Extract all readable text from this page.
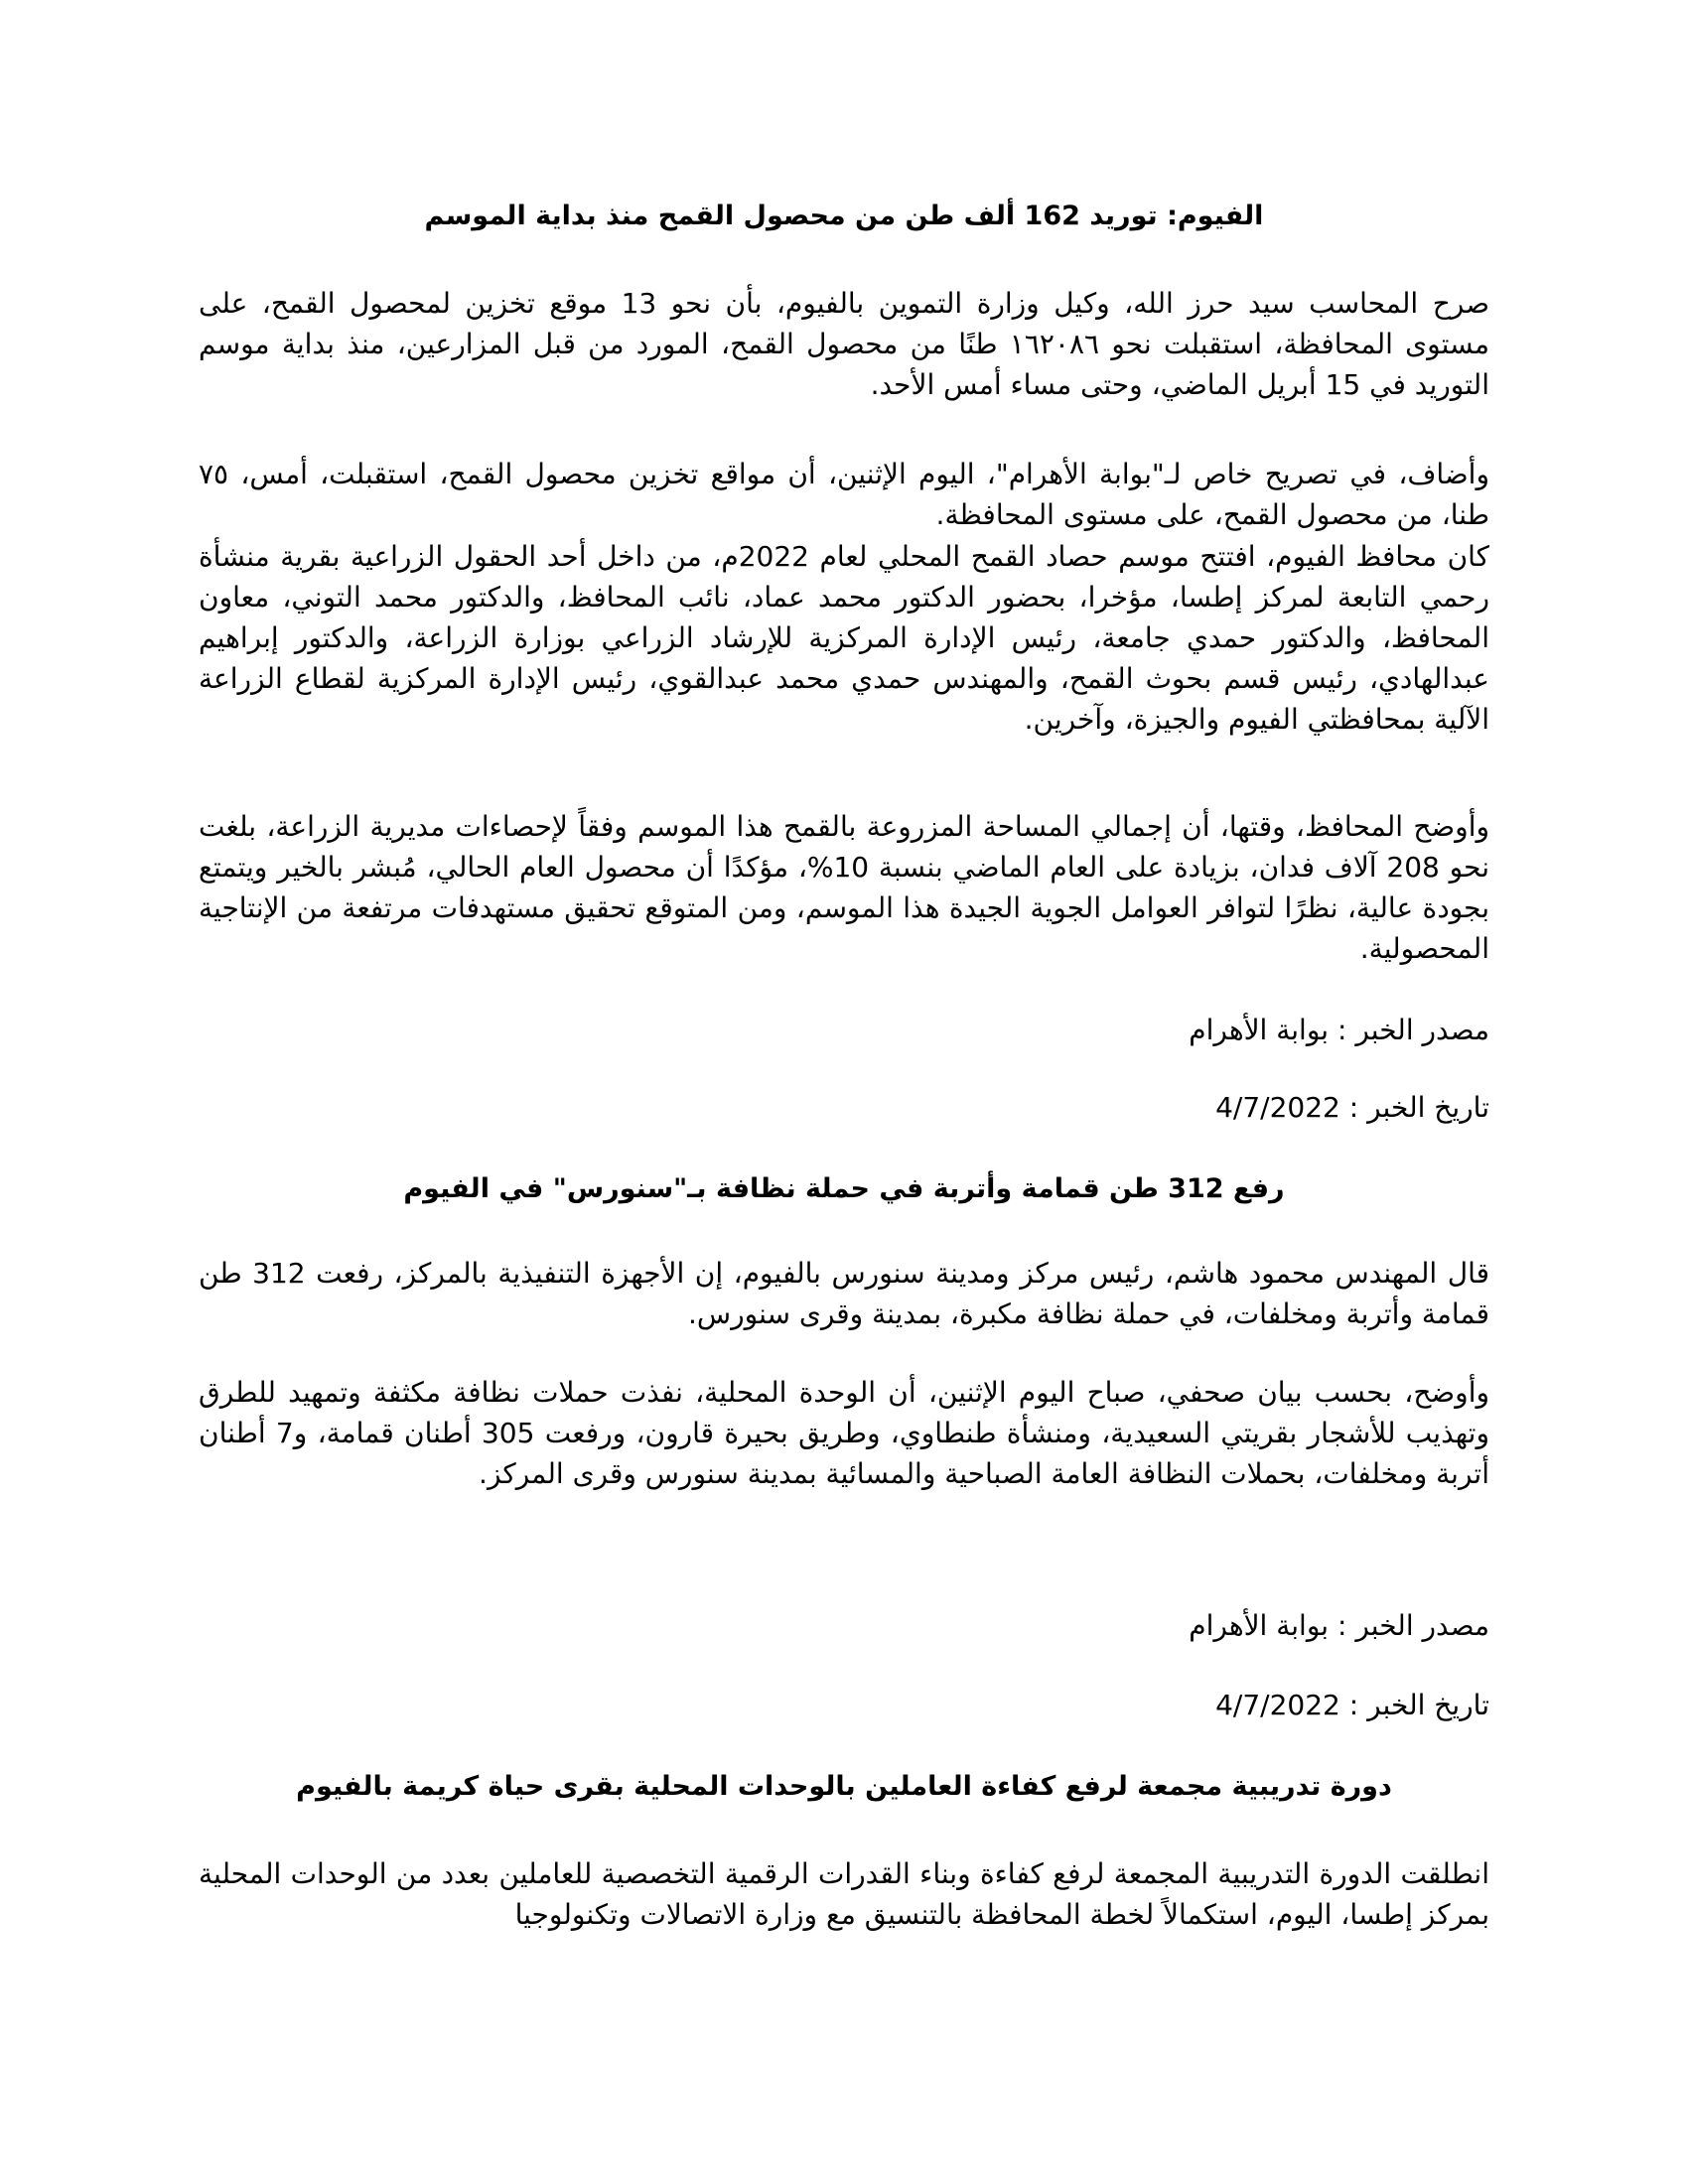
الفيوم: توريد 162 ألف طن من محصول القمح منذ بداية الموسم

صرح المحاسب سيد حرز الله، وكيل وزارة التموين بالفيوم، بأن نحو 13 موقع تخزين لمحصول القمح، على مستوى المحافظة، استقبلت نحو ١٦٢٠٨٦ طنًا من محصول القمح، المورد من قبل المزارعين، منذ بداية موسم التوريد في 15 أبريل الماضي، وحتى مساء أمس الأحد.

وأضاف، في تصريح خاص لـ"بوابة الأهرام"، اليوم الإثنين، أن مواقع تخزين محصول القمح، استقبلت، أمس، ٧٥ طنا، من محصول القمح، على مستوى المحافظة.

كان محافظ الفيوم، افتتح موسم حصاد القمح المحلي لعام 2022م، من داخل أحد الحقول الزراعية بقرية منشأة رحمي التابعة لمركز إطسا، مؤخرا، بحضور الدكتور محمد عماد، نائب المحافظ، والدكتور محمد التوني، معاون المحافظ، والدكتور حمدي جامعة، رئيس الإدارة المركزية للإرشاد الزراعي بوزارة الزراعة، والدكتور إبراهيم عبدالهادي، رئيس قسم بحوث القمح، والمهندس حمدي محمد عبدالقوي، رئيس الإدارة المركزية لقطاع الزراعة الآلية بمحافظتي الفيوم والجيزة، وآخرين.

وأوضح المحافظ، وقتها، أن إجمالي المساحة المزروعة بالقمح هذا الموسم وفقاً لإحصاءات مديرية الزراعة، بلغت نحو 208 آلاف فدان، بزيادة على العام الماضي بنسبة 10%، مؤكدًا أن محصول العام الحالي، مُبشر بالخير ويتمتع بجودة عالية، نظرًا لتوافر العوامل الجوية الجيدة هذا الموسم، ومن المتوقع تحقيق مستهدفات مرتفعة من الإنتاجية المحصولية.

مصدر الخبر : بوابة الأهرام
تاريخ الخبر : 4/7/2022
رفع 312 طن قمامة وأتربة في حملة نظافة بـ"سنورس" في الفيوم

قال المهندس محمود هاشم، رئيس مركز ومدينة سنورس بالفيوم، إن الأجهزة التنفيذية بالمركز، رفعت 312 طن قمامة وأتربة ومخلفات، في حملة نظافة مكبرة، بمدينة وقرى سنورس.

وأوضح، بحسب بيان صحفي، صباح اليوم الإثنين، أن الوحدة المحلية، نفذت حملات نظافة مكثفة وتمهيد للطرق وتهذيب للأشجار بقريتي السعيدية، ومنشأة طنطاوي، وطريق بحيرة قارون، ورفعت 305 أطنان قمامة، و7 أطنان أتربة ومخلفات، بحملات النظافة العامة الصباحية والمسائية بمدينة سنورس وقرى المركز.

مصدر الخبر : بوابة الأهرام
تاريخ الخبر : 4/7/2022
دورة تدريبية مجمعة لرفع كفاءة العاملين بالوحدات المحلية بقرى حياة كريمة بالفيوم

انطلقت الدورة التدريبية المجمعة لرفع كفاءة وبناء القدرات الرقمية التخصصية للعاملين بعدد من الوحدات المحلية بمركز إطسا، اليوم، استكمالاً لخطة المحافظة بالتنسيق مع وزارة الاتصالات وتكنولوجيا
